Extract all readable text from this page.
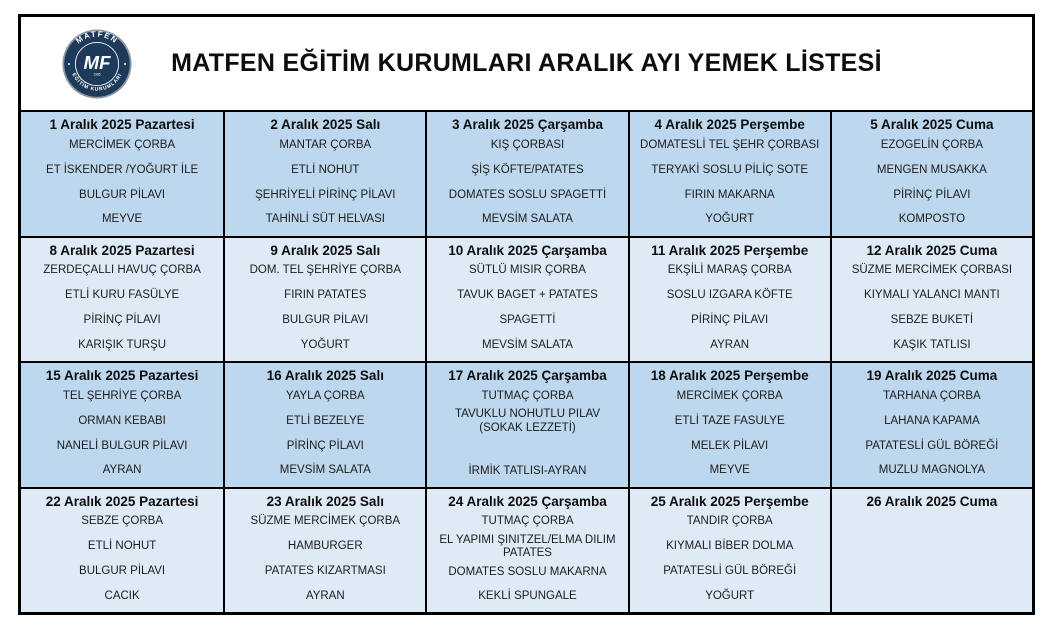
MATFEN
EĞİTİM KURUMLARI
MF
1985	MATFEN EĞİTİM KURUMLARI ARALIK AYI YEMEK LİSTESİ
1 Aralık 2025 Pazartesi
MERCİMEK ÇORBA
ET İSKENDER /YOĞURT İLE
BULGUR PİLAVI
MEYVE
2 Aralık 2025 Salı
MANTAR ÇORBA
ETLİ NOHUT
ŞEHRİYELİ PİRİNÇ PİLAVI
TAHİNLİ SÜT HELVASI
3 Aralık 2025 Çarşamba
KIŞ ÇORBASI
ŞİŞ KÖFTE/PATATES
DOMATES SOSLU SPAGETTİ
MEVSİM SALATA
4 Aralık 2025 Perşembe
DOMATESLİ TEL ŞEHR ÇORBASI
TERYAKİ SOSLU PİLİÇ SOTE
FIRIN MAKARNA
YOĞURT
5 Aralık 2025 Cuma
EZOGELİN ÇORBA
MENGEN MUSAKKA
PİRİNÇ PİLAVI
KOMPOSTO
8 Aralık 2025 Pazartesi
ZERDEÇALLI HAVUÇ ÇORBA
ETLİ KURU FASÜLYE
PİRİNÇ PİLAVI
KARIŞIK TURŞU
9 Aralık 2025 Salı
DOM. TEL ŞEHRİYE ÇORBA
FIRIN PATATES
BULGUR PİLAVI
YOĞURT
10 Aralık 2025 Çarşamba
SÜTLÜ MISIR ÇORBA
TAVUK BAGET + PATATES
SPAGETTİ
MEVSİM SALATA
11 Aralık 2025 Perşembe
EKŞİLİ MARAŞ ÇORBA
SOSLU IZGARA KÖFTE
PİRİNÇ PİLAVI
AYRAN
12 Aralık 2025 Cuma
SÜZME MERCİMEK ÇORBASI
KIYMALI YALANCI MANTI
SEBZE BUKETİ
KAŞIK TATLISI
15 Aralık 2025 Pazartesi
TEL ŞEHRİYE ÇORBA
ORMAN KEBABI
NANELİ BULGUR PİLAVI
AYRAN
16 Aralık 2025 Salı
YAYLA ÇORBA
ETLİ BEZELYE
PİRİNÇ PİLAVI
MEVSİM SALATA
17 Aralık 2025 Çarşamba
TUTMAÇ ÇORBA
TAVUKLU NOHUTLU PILAV (SOKAK LEZZETİ)
İRMİK TATLISI-AYRAN
18 Aralık 2025 Perşembe
MERCİMEK ÇORBA
ETLİ TAZE FASULYE
MELEK PİLAVI
MEYVE
19 Aralık 2025 Cuma
TARHANA ÇORBA
LAHANA KAPAMA
PATATESLİ GÜL BÖREĞİ
MUZLU MAGNOLYA
22 Aralık 2025 Pazartesi
SEBZE ÇORBA
ETLİ NOHUT
BULGUR PİLAVI
CACIK
23 Aralık 2025 Salı
SÜZME MERCİMEK ÇORBA
HAMBURGER
PATATES KIZARTMASI
AYRAN
24 Aralık 2025 Çarşamba
TUTMAÇ ÇORBA
EL YAPIMI ŞINITZEL/ELMA DILIM PATATES
DOMATES SOSLU MAKARNA
KEKLİ SPUNGALE
25 Aralık 2025 Perşembe
TANDIR ÇORBA
KIYMALI BİBER DOLMA
PATATESLİ GÜL BÖREĞİ
YOĞURT
26 Aralık 2025 Cuma
